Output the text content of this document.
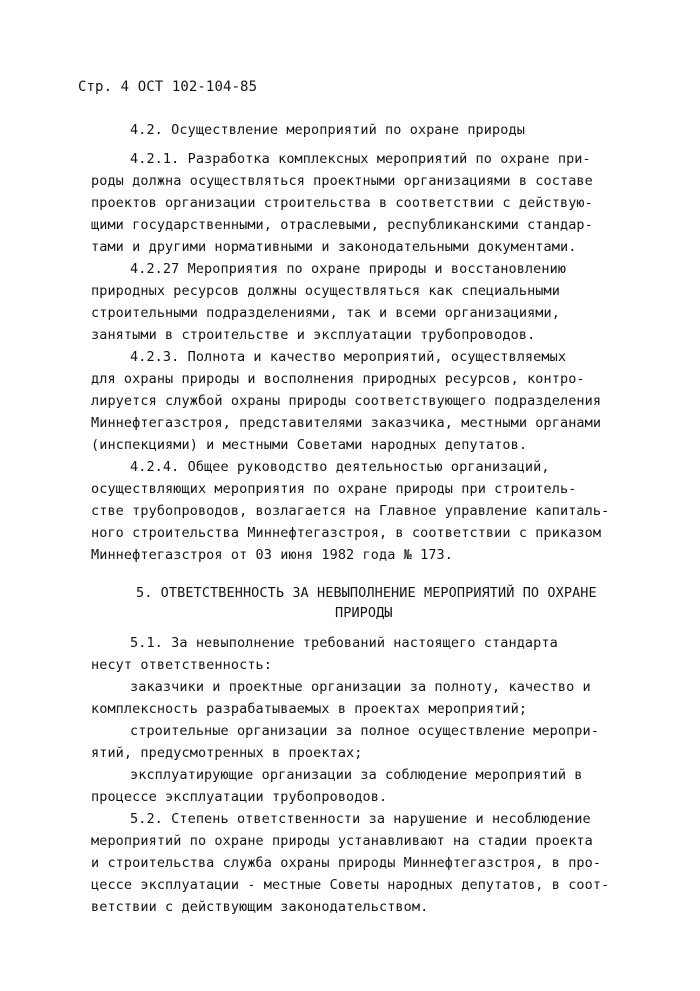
Стр. 4 ОСТ 102-104-85
4.2. Осуществление мероприятий по охране природы
4.2.1. Разработка комплексных мероприятий по охране при-
роды должна осуществляться проектными организациями в составе
проектов организации строительства в соответствии с действую-
щими государственными, отраслевыми, республиканскими стандар-
тами и другими нормативными и законодательными документами.
4.2.27 Мероприятия по охране природы и восстановлению
природных ресурсов должны осуществляться как специальными
строительными подразделениями, так и всеми организациями,
занятыми в строительстве и эксплуатации трубопроводов.
4.2.3. Полнота и качество мероприятий, осуществляемых
для охраны природы и восполнения природных ресурсов, контро-
лируется службой охраны природы соответствующего подразделения
Миннефтегазстроя, представителями заказчика, местными органами
(инспекциями) и местными Советами народных депутатов.
4.2.4. Общее руководство деятельностью организаций,
осуществляющих мероприятия по охране природы при строитель-
стве трубопроводов, возлагается на Главное управление капиталь-
ного строительства Миннефтегазстроя, в соответствии с приказом
Миннефтегазстроя от 03 июня 1982 года № 173.
5. ОТВЕТСТВЕННОСТЬ ЗА НЕВЫПОЛНЕНИЕ МЕРОПРИЯТИЙ ПО ОХРАНЕ
ПРИРОДЫ
5.1. За невыполнение требований настоящего стандарта
несут ответственность:
заказчики и проектные организации за полноту, качество и
комплексность разрабатываемых в проектах мероприятий;
строительные организации за полное осуществление меропри-
ятий, предусмотренных в проектах;
эксплуатирующие организации за соблюдение мероприятий в
процессе эксплуатации трубопроводов.
5.2. Степень ответственности за нарушение и несоблюдение
мероприятий по охране природы устанавливают на стадии проекта
и строительства служба охраны природы Миннефтегазстроя, в про-
цессе эксплуатации - местные Советы народных депутатов, в соот-
ветствии с действующим законодательством.
